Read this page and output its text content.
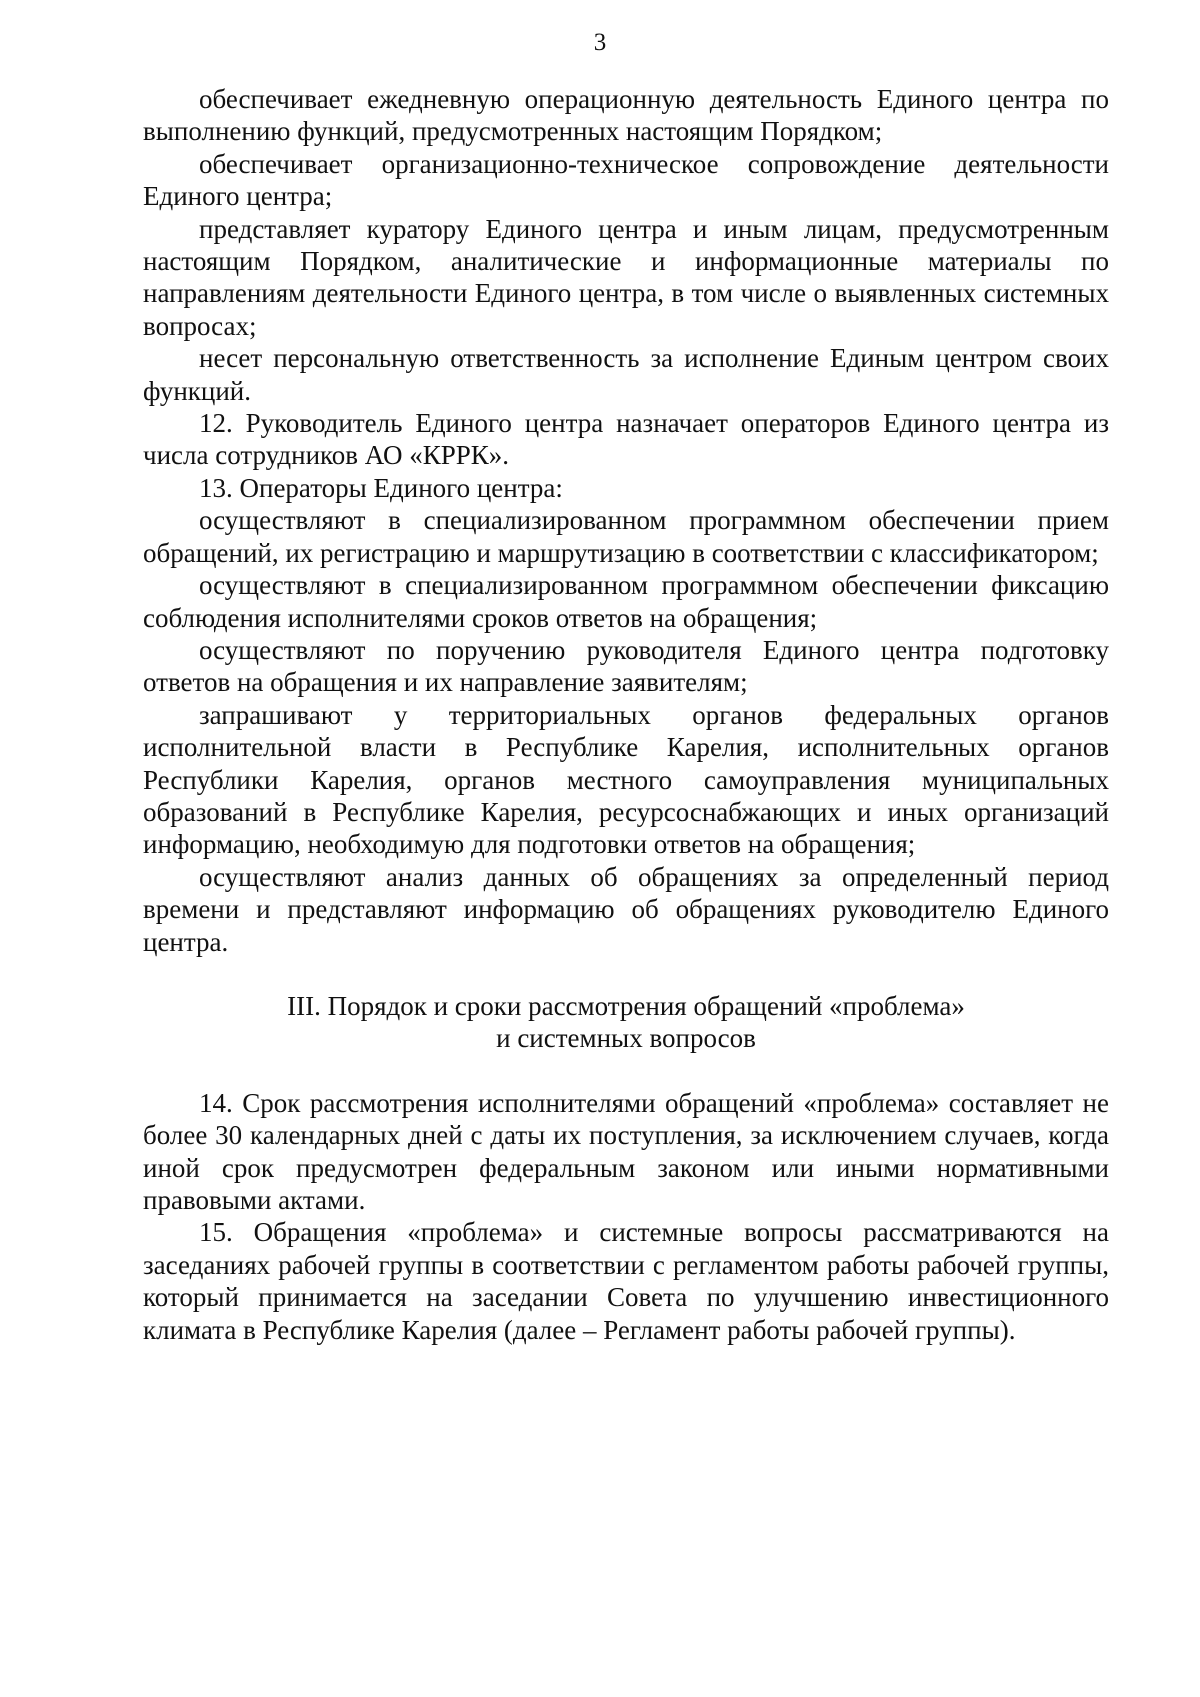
3

обеспечивает ежедневную операционную деятельность Единого центра по выполнению функций, предусмотренных настоящим Порядком;

обеспечивает организационно-техническое сопровождение деятельности Единого центра;

представляет куратору Единого центра и иным лицам, предусмотренным настоящим Порядком, аналитические и информационные материалы по направлениям деятельности Единого центра, в том числе о выявленных системных вопросах;

несет персональную ответственность за исполнение Единым центром своих функций.

12. Руководитель Единого центра назначает операторов Единого центра из числа сотрудников АО «КРРК».

13. Операторы Единого центра:

осуществляют в специализированном программном обеспечении прием обращений, их регистрацию и маршрутизацию в соответствии с классификатором;

осуществляют в специализированном программном обеспечении фиксацию соблюдения исполнителями сроков ответов на обращения;

осуществляют по поручению руководителя Единого центра подготовку ответов на обращения и их направление заявителям;

запрашивают у территориальных органов федеральных органов исполнительной власти в Республике Карелия, исполнительных органов Республики Карелия, органов местного самоуправления муниципальных образований в Республике Карелия, ресурсоснабжающих и иных организаций информацию, необходимую для подготовки ответов на обращения;

осуществляют анализ данных об обращениях за определенный период времени и представляют информацию об обращениях руководителю Единого центра.

III. Порядок и сроки рассмотрения обращений «проблема»

и системных вопросов

14. Срок рассмотрения исполнителями обращений «проблема» составляет не более 30 календарных дней с даты их поступления, за исключением случаев, когда иной срок предусмотрен федеральным законом или иными нормативными правовыми актами.

15. Обращения «проблема» и системные вопросы рассматриваются на заседаниях рабочей группы в соответствии с регламентом работы рабочей группы, который принимается на заседании Совета по улучшению инвестиционного климата в Республике Карелия (далее – Регламент работы рабочей группы).
